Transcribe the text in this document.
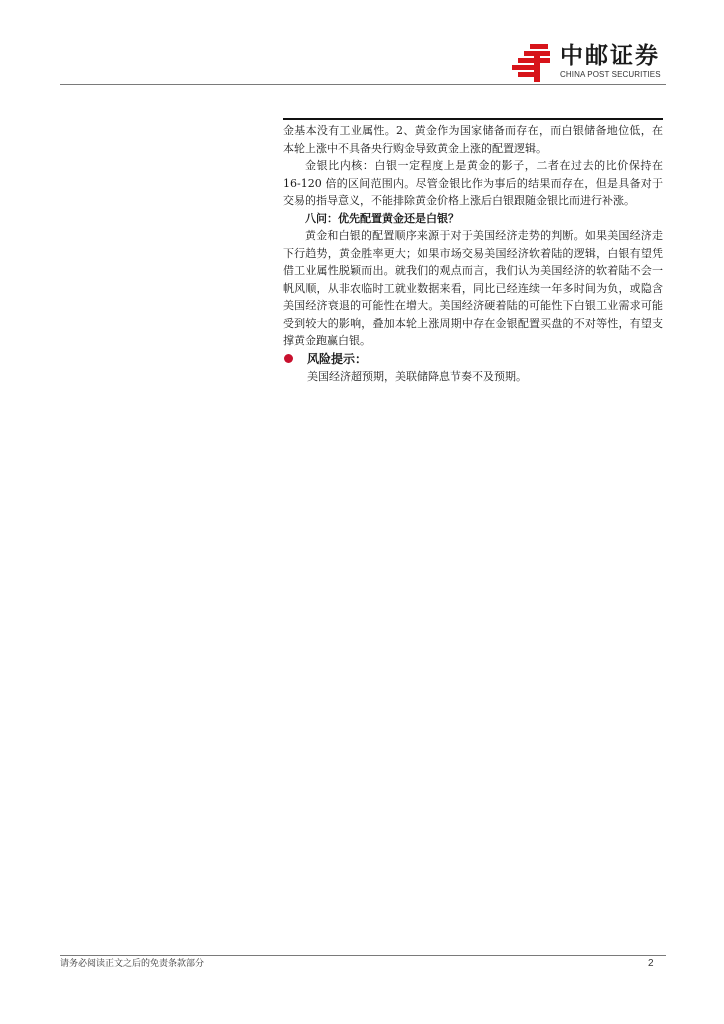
中邮证券
CHINA POST SECURITIES

金基本没有工业属性。2、黄金作为国家储备而存在，而白银储备地位低，在本轮上涨中不具备央行购金导致黄金上涨的配置逻辑。

金银比内核：白银一定程度上是黄金的影子，二者在过去的比价保持在 16-120 倍的区间范围内。尽管金银比作为事后的结果而存在，但是具备对于交易的指导意义，不能排除黄金价格上涨后白银跟随金银比而进行补涨。

八问：优先配置黄金还是白银？

黄金和白银的配置顺序来源于对于美国经济走势的判断。如果美国经济走下行趋势，黄金胜率更大；如果市场交易美国经济软着陆的逻辑，白银有望凭借工业属性脱颖而出。就我们的观点而言，我们认为美国经济的软着陆不会一帆风顺，从非农临时工就业数据来看，同比已经连续一年多时间为负，或隐含美国经济衰退的可能性在增大。美国经济硬着陆的可能性下白银工业需求可能受到较大的影响，叠加本轮上涨周期中存在金银配置买盘的不对等性，有望支撑黄金跑赢白银。

风险提示：

美国经济超预期，美联储降息节奏不及预期。

请务必阅读正文之后的免责条款部分	2
